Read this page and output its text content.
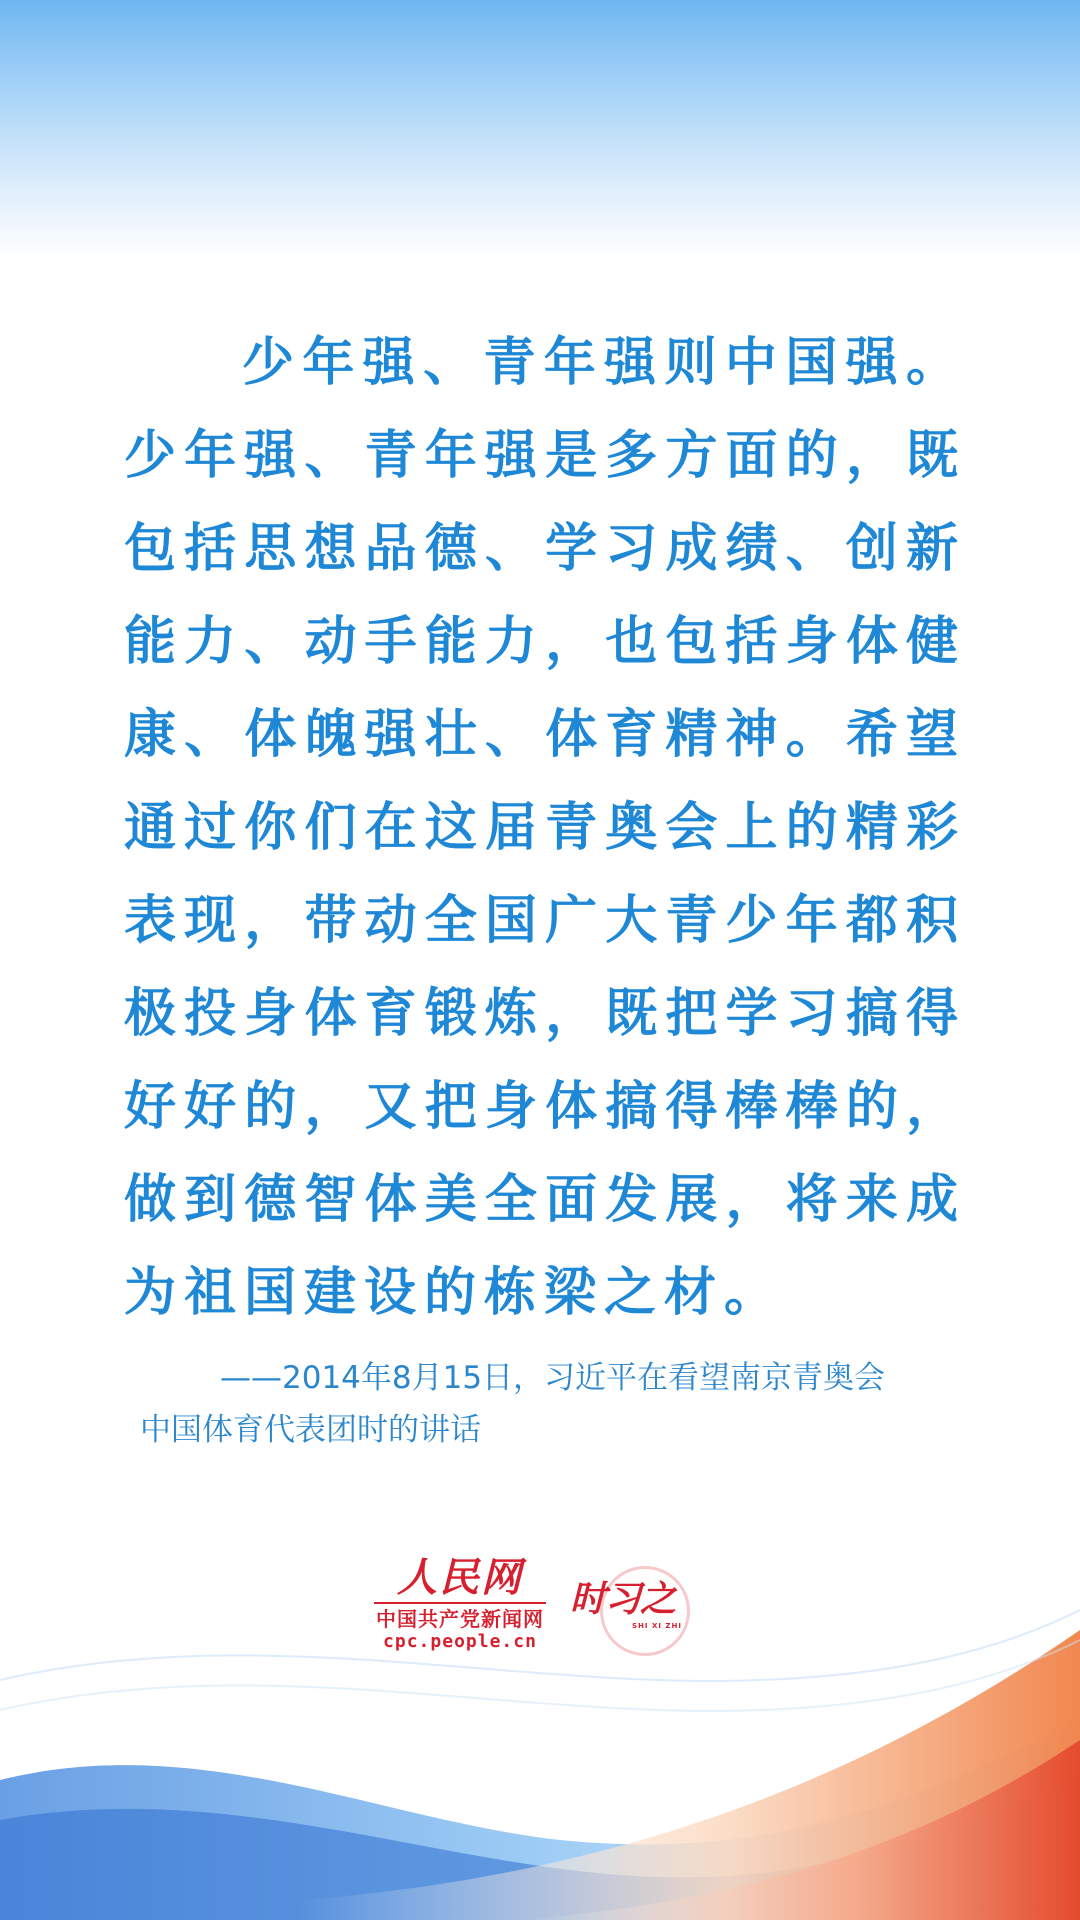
少年强、青年强则中国强。少年强、青年强是多方面的，既包括思想品德、学习成绩、创新能力、动手能力，也包括身体健康、体魄强壮、体育精神。希望通过你们在这届青奥会上的精彩表现，带动全国广大青少年都积极投身体育锻炼，既把学习搞得好好的，又把身体搞得棒棒的，做到德智体美全面发展，将来成为祖国建设的栋梁之材。
——2014年8月15日，习近平在看望南京青奥会
中国体育代表团时的讲话
人民网
中国共产党新闻网
cpc.people.cn
时习之
SHI XI ZHI
